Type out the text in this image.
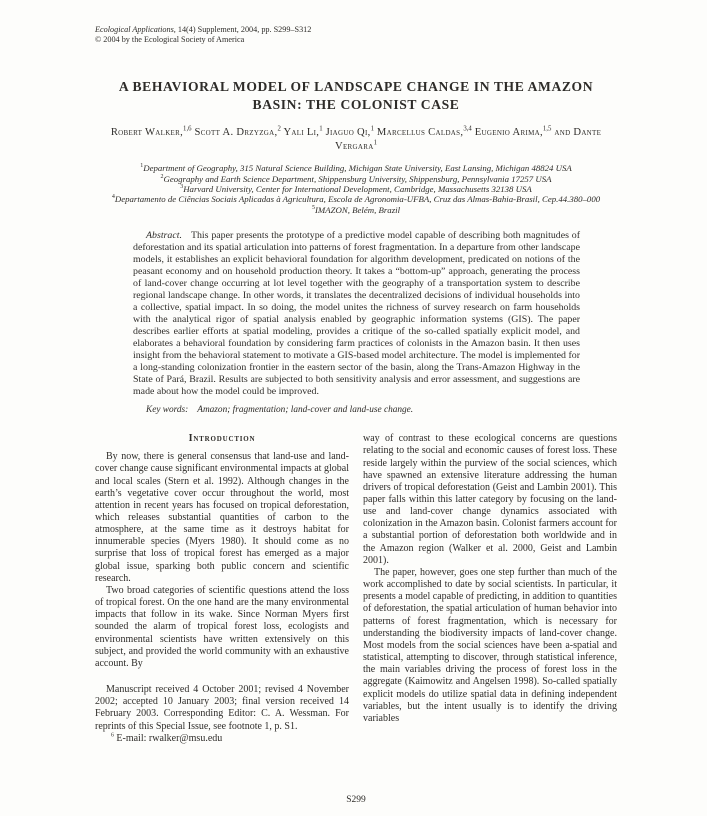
Ecological Applications, 14(4) Supplement, 2004, pp. S299–S312
© 2004 by the Ecological Society of America
A BEHAVIORAL MODEL OF LANDSCAPE CHANGE IN THE AMAZON BASIN: THE COLONIST CASE
Robert Walker,$^{1,6}$ Scott A. Drzyzga,$^2$ Yali Li,$^1$ Jiaguo Qi,$^1$ Marcellus Caldas,$^{3,4}$ Eugenio Arima,$^{1,5}$ and Dante Vergara$^1$
$^1$Department of Geography, 315 Natural Science Building, Michigan State University, East Lansing, Michigan 48824 USA
$^2$Geography and Earth Science Department, Shippensburg University, Shippensburg, Pennsylvania 17257 USA
$^3$Harvard University, Center for International Development, Cambridge, Massachusetts 32138 USA
$^4$Departamento de Ciências Sociais Aplicadas à Agricultura, Escola de Agronomia-UFBA, Cruz das Almas-Bahia-Brasil, Cep.44.380–000
$^5$IMAZON, Belém, Brazil

Abstract. This paper presents the prototype of a predictive model capable of describing both magnitudes of deforestation and its spatial articulation into patterns of forest fragmentation. In a departure from other landscape models, it establishes an explicit behavioral foundation for algorithm development, predicated on notions of the peasant economy and on household production theory. It takes a “bottom-up” approach, generating the process of land-cover change occurring at lot level together with the geography of a transportation system to describe regional landscape change. In other words, it translates the decentralized decisions of individual households into a collective, spatial impact. In so doing, the model unites the richness of survey research on farm households with the analytical rigor of spatial analysis enabled by geographic information systems (GIS). The paper describes earlier efforts at spatial modeling, provides a critique of the so-called spatially explicit model, and elaborates a behavioral foundation by considering farm practices of colonists in the Amazon basin. It then uses insight from the behavioral statement to motivate a GIS-based model architecture. The model is implemented for a long-standing colonization frontier in the eastern sector of the basin, along the Trans-Amazon Highway in the State of Pará, Brazil. Results are subjected to both sensitivity analysis and error assessment, and suggestions are made about how the model could be improved.

Key words: Amazon; fragmentation; land-cover and land-use change.
Introduction

By now, there is general consensus that land-use and land-cover change cause significant environmental impacts at global and local scales (Stern et al. 1992). Although changes in the earth’s vegetative cover occur throughout the world, most attention in recent years has focused on tropical deforestation, which releases substantial quantities of carbon to the atmosphere, at the same time as it destroys habitat for innumerable species (Myers 1980). It should come as no surprise that loss of tropical forest has emerged as a major global issue, sparking both public concern and scientific research.

Two broad categories of scientific questions attend the loss of tropical forest. On the one hand are the many environmental impacts that follow in its wake. Since Norman Myers first sounded the alarm of tropical forest loss, ecologists and environmental scientists have written extensively on this subject, and provided the world community with an exhaustive account. By

Manuscript received 4 October 2001; revised 4 November 2002; accepted 10 January 2003; final version received 14 February 2003. Corresponding Editor: C. A. Wessman. For reprints of this Special Issue, see footnote 1, p. S1.

$^6$ E-mail: rwalker@msu.edu

way of contrast to these ecological concerns are questions relating to the social and economic causes of forest loss. These reside largely within the purview of the social sciences, which have spawned an extensive literature addressing the human drivers of tropical deforestation (Geist and Lambin 2001). This paper falls within this latter category by focusing on the land-use and land-cover change dynamics associated with colonization in the Amazon basin. Colonist farmers account for a substantial portion of deforestation both worldwide and in the Amazon region (Walker et al. 2000, Geist and Lambin 2001).

The paper, however, goes one step further than much of the work accomplished to date by social scientists. In particular, it presents a model capable of predicting, in addition to quantities of deforestation, the spatial articulation of human behavior into patterns of forest fragmentation, which is necessary for understanding the biodiversity impacts of land-cover change. Most models from the social sciences have been a-spatial and statistical, attempting to discover, through statistical inference, the main variables driving the process of forest loss in the aggregate (Kaimowitz and Angelsen 1998). So-called spatially explicit models do utilize spatial data in defining independent variables, but the intent usually is to identify the driving variables

S299
